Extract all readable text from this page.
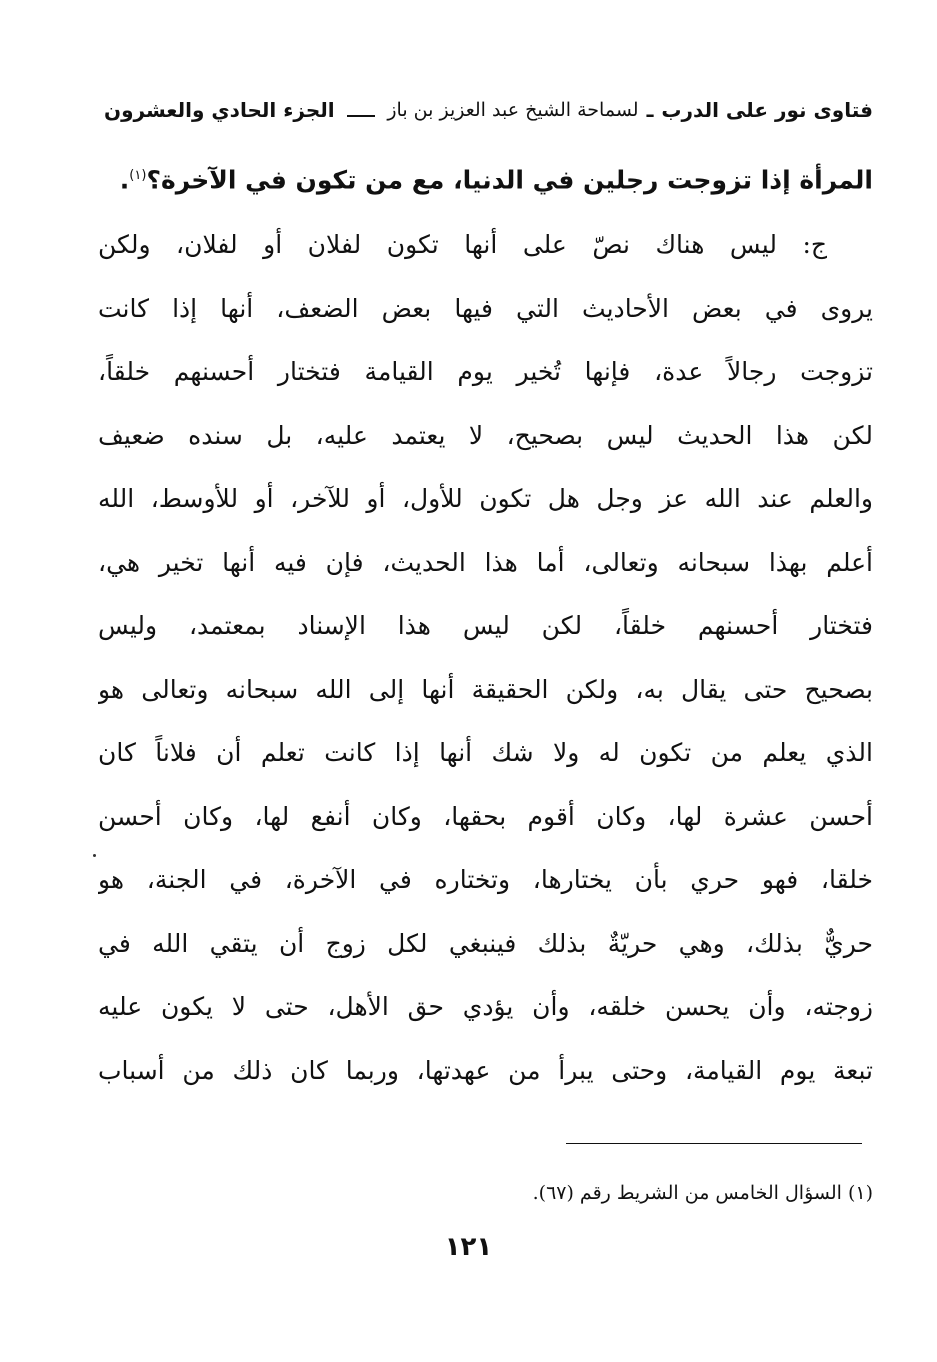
فتاوى نور على الدرب
ـ
لسماحة الشيخ عبد العزيز بن باز
الجزء الحادي والعشرون
المرأة إذا تزوجت رجلين في الدنيا، مع من تكون في الآخرة؟$^{(١)}$.
ج: ليس هناك نصّ على أنها تكون لفلان أو لفلان، ولكن
يروى في بعض الأحاديث التي فيها بعض الضعف، أنها إذا كانت
تزوجت رجالاً عدة، فإنها تُخير يوم القيامة فتختار أحسنهم خلقاً،
لكن هذا الحديث ليس بصحيح، لا يعتمد عليه، بل سنده ضعيف
والعلم عند الله عز وجل هل تكون للأول، أو للآخر، أو للأوسط، الله
أعلم بهذا سبحانه وتعالى، أما هذا الحديث، فإن فيه أنها تخير هي،
فتختار أحسنهم خلقاً، لكن ليس هذا الإسناد بمعتمد، وليس
بصحيح حتى يقال به، ولكن الحقيقة أنها إلى الله سبحانه وتعالى هو
الذي يعلم من تكون له ولا شك أنها إذا كانت تعلم أن فلاناً كان
أحسن عشرة لها، وكان أقوم بحقها، وكان أنفع لها، وكان أحسن
خلقا، فهو حري بأن يختارها، وتختاره في الآخرة، في الجنة، هو
حريٌّ بذلك، وهي حريّةٌ بذلك فينبغي لكل زوج أن يتقي الله في
زوجته، وأن يحسن خلقه، وأن يؤدي حق الأهل، حتى لا يكون عليه
تبعة يوم القيامة، وحتى يبرأ من عهدتها، وربما كان ذلك من أسباب
(١) السؤال الخامس من الشريط رقم (٦٧).
١٢١
